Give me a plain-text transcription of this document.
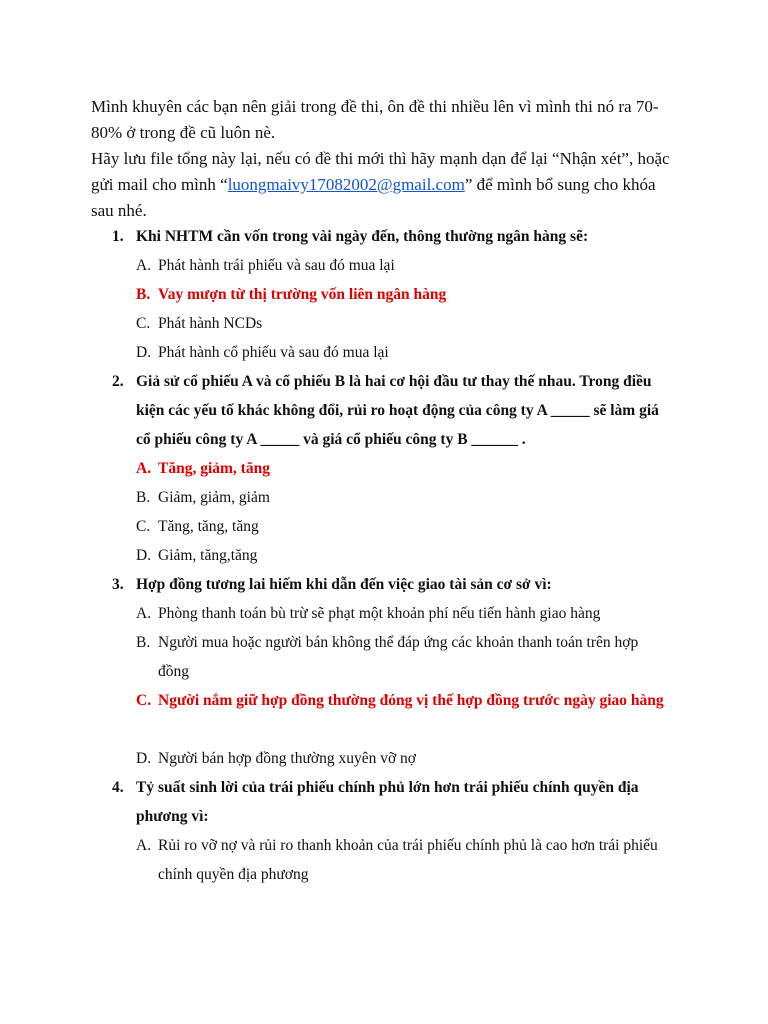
Mình khuyên các bạn nên giải trong đề thi, ôn đề thi nhiều lên vì mình thi nó ra 70-80% ở trong đề cũ luôn nè.

Hãy lưu file tổng này lại, nếu có đề thi mới thì hãy mạnh dạn để lại “Nhận xét”, hoặc gửi mail cho mình “luongmaivy17082002@gmail.com” để mình bổ sung cho khóa sau nhé.

1. Khi NHTM cần vốn trong vài ngày đến, thông thường ngân hàng sẽ:
A. Phát hành trái phiếu và sau đó mua lại
B. Vay mượn từ thị trường vốn liên ngân hàng
C. Phát hành NCDs
D. Phát hành cổ phiếu và sau đó mua lại
2. Giả sử cổ phiếu A và cổ phiếu B là hai cơ hội đầu tư thay thế nhau. Trong điều kiện các yếu tố khác không đổi, rủi ro hoạt động của công ty A _____ sẽ làm giá cổ phiếu công ty A _____ và giá cổ phiếu công ty B ______ .
A. Tăng, giảm, tăng
B. Giảm, giảm, giảm
C. Tăng, tăng, tăng
D. Giảm, tăng,tăng
3. Hợp đồng tương lai hiếm khi dẫn đến việc giao tài sản cơ sở vì:
A. Phòng thanh toán bù trừ sẽ phạt một khoản phí nếu tiến hành giao hàng
B. Người mua hoặc người bán không thể đáp ứng các khoản thanh toán trên hợp đồng
C. Người nắm giữ hợp đồng thường đóng vị thế hợp đồng trước ngày giao hàng
D. Người bán hợp đồng thường xuyên vỡ nợ
4. Tỷ suất sinh lời của trái phiếu chính phủ lớn hơn trái phiếu chính quyền địa phương vì:
A. Rủi ro vỡ nợ và rủi ro thanh khoản của trái phiếu chính phủ là cao hơn trái phiếu chính quyền địa phương
